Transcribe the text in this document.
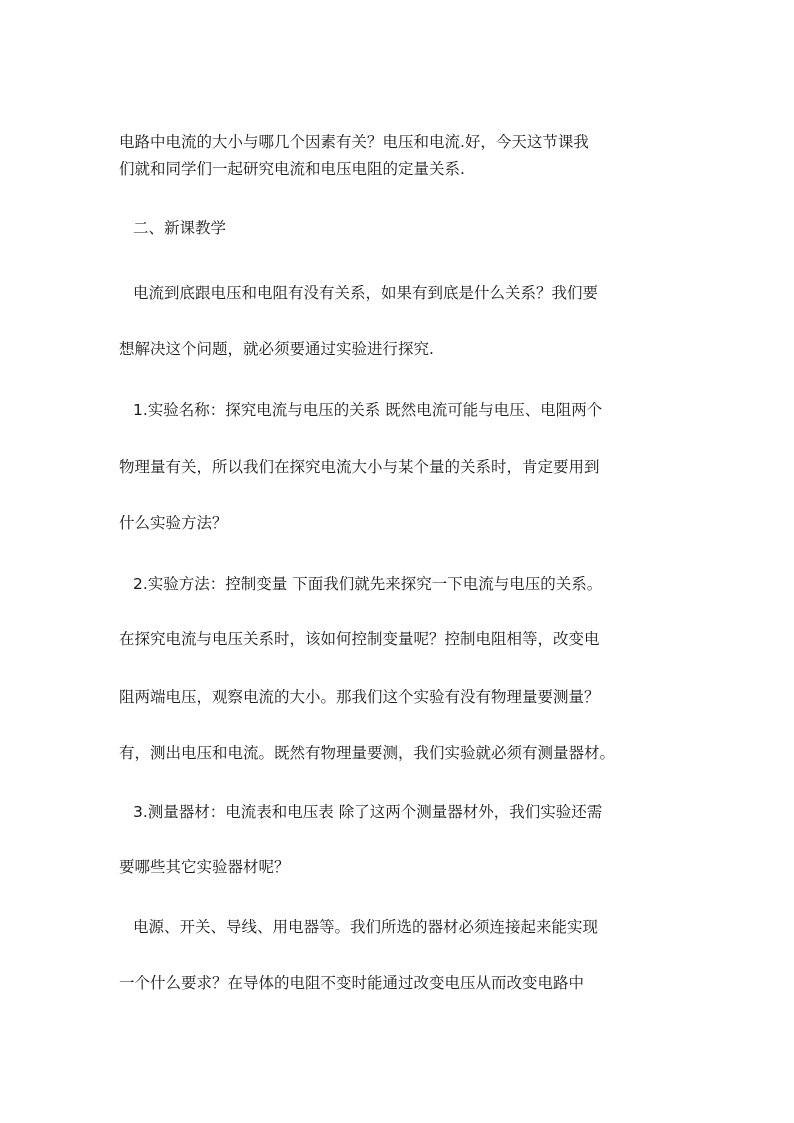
电路中电流的大小与哪几个因素有关？电压和电流.好，今天这节课我
们就和同学们一起研究电流和电压电阻的定量关系.
二、新课教学
电流到底跟电压和电阻有没有关系，如果有到底是什么关系？我们要
想解决这个问题，就必须要通过实验进行探究.
1.实验名称：探究电流与电压的关系 既然电流可能与电压、电阻两个
物理量有关，所以我们在探究电流大小与某个量的关系时，肯定要用到
什么实验方法？
2.实验方法：控制变量 下面我们就先来探究一下电流与电压的关系。
在探究电流与电压关系时，该如何控制变量呢？控制电阻相等，改变电
阻两端电压，观察电流的大小。那我们这个实验有没有物理量要测量？
有，测出电压和电流。既然有物理量要测，我们实验就必须有测量器材。
3.测量器材：电流表和电压表 除了这两个测量器材外，我们实验还需
要哪些其它实验器材呢？
电源、开关、导线、用电器等。我们所选的器材必须连接起来能实现
一个什么要求？在导体的电阻不变时能通过改变电压从而改变电路中
